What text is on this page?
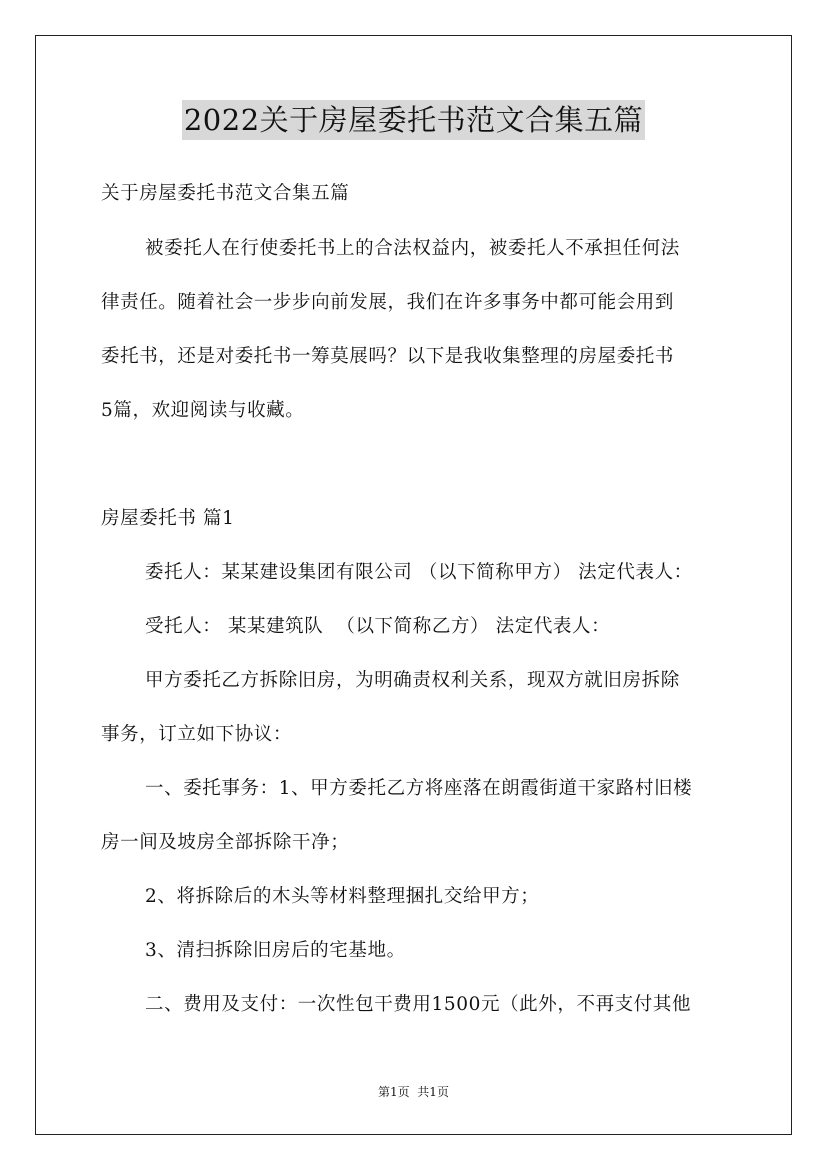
2022关于房屋委托书范文合集五篇
关于房屋委托书范文合集五篇
被委托人在行使委托书上的合法权益内，被委托人不承担任何法
律责任。随着社会一步步向前发展，我们在许多事务中都可能会用到
委托书，还是对委托书一筹莫展吗？以下是我收集整理的房屋委托书
5篇，欢迎阅读与收藏。
房屋委托书 篇1
委托人：某某建设集团有限公司 （以下简称甲方） 法定代表人：
受托人： 某某建筑队  （以下简称乙方） 法定代表人：
甲方委托乙方拆除旧房，为明确责权利关系，现双方就旧房拆除
事务，订立如下协议：
一、委托事务：1、甲方委托乙方将座落在朗霞街道干家路村旧楼
房一间及坡房全部拆除干净；
2、将拆除后的木头等材料整理捆扎交给甲方；
3、清扫拆除旧房后的宅基地。
二、费用及支付：一次性包干费用1500元（此外，不再支付其他
第1页  共1页
